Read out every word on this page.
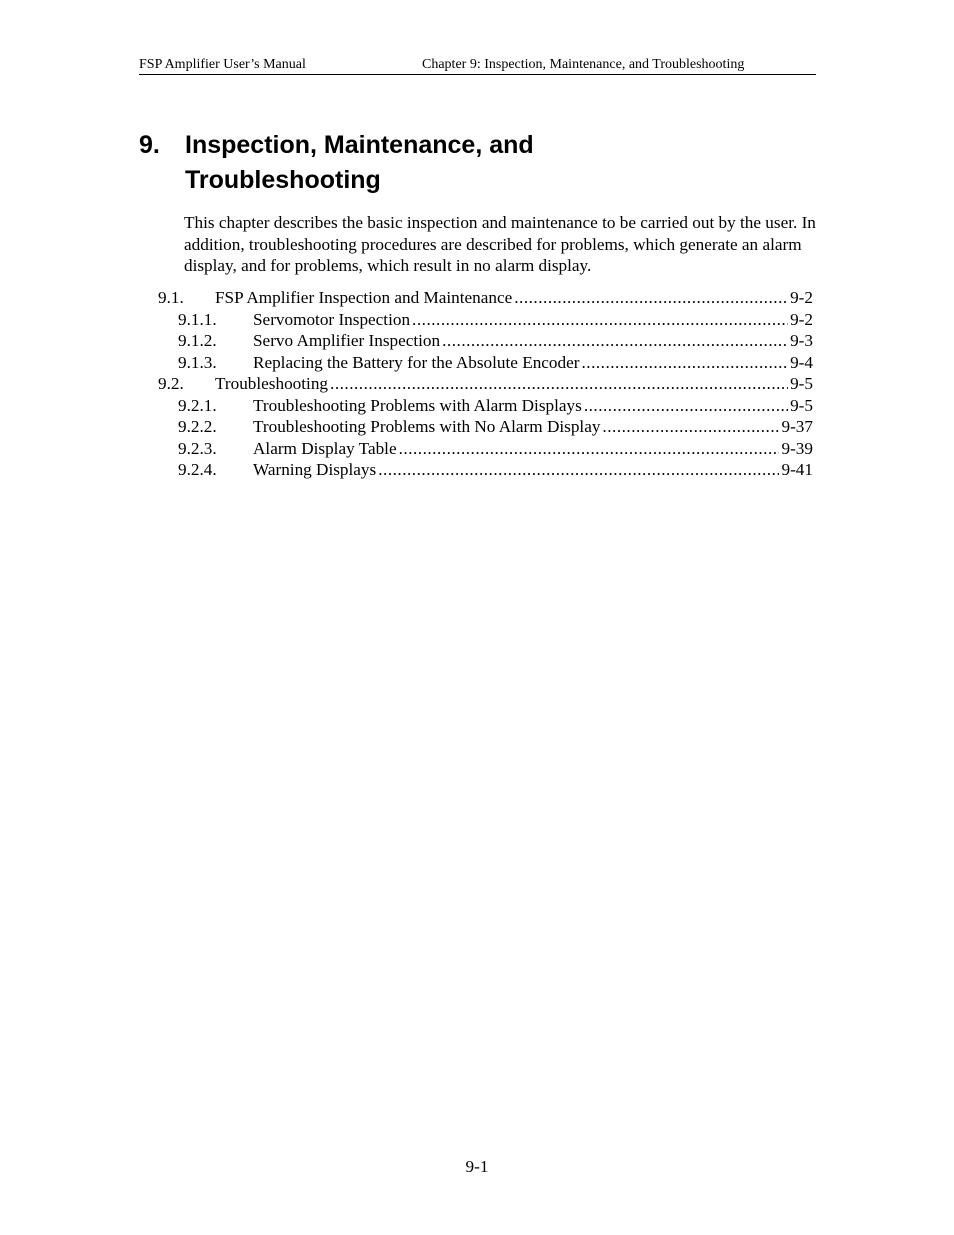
FSP Amplifier User’s Manual	Chapter 9: Inspection, Maintenance, and Troubleshooting
9. Inspection, Maintenance, and Troubleshooting
This chapter describes the basic inspection and maintenance to be carried out by the user. In addition, troubleshooting procedures are described for problems, which generate an alarm display, and for problems, which result in no alarm display.
9.1. FSP Amplifier Inspection and Maintenance .....	9-2
9.1.1. Servomotor Inspection .....	9-2
9.1.2. Servo Amplifier Inspection .....	9-3
9.1.3. Replacing the Battery for the Absolute Encoder .....	9-4
9.2. Troubleshooting .....	9-5
9.2.1. Troubleshooting Problems with Alarm Displays .....	9-5
9.2.2. Troubleshooting Problems with No Alarm Display .....	9-37
9.2.3. Alarm Display Table .....	9-39
9.2.4. Warning Displays .....	9-41
9-1
